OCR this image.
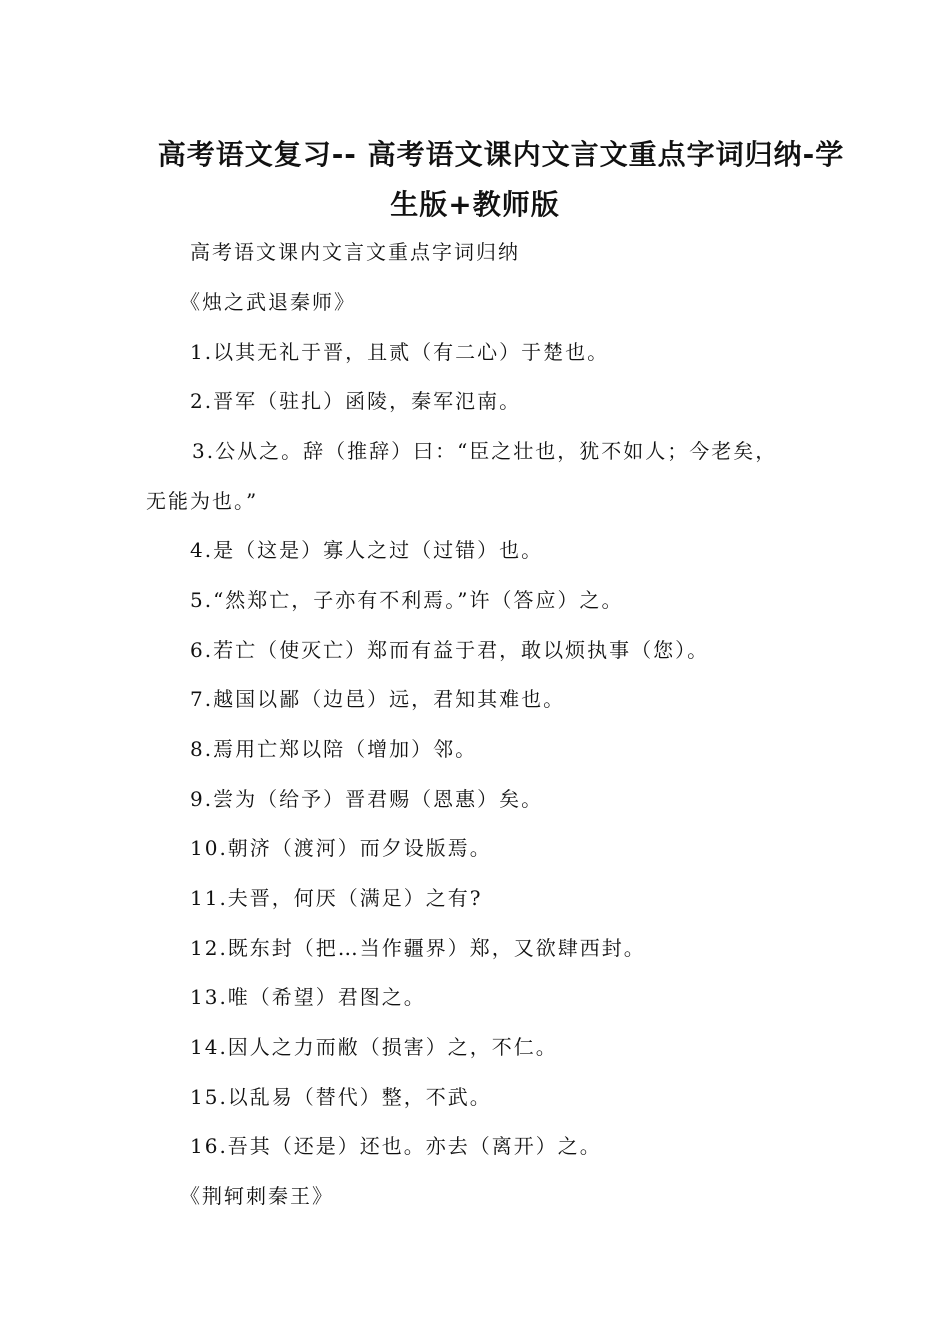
高考语文复习-- 高考语文课内文言文重点字词归纳-学
生版+教师版
高考语文课内文言文重点字词归纳
《烛之武退秦师》
1.以其无礼于晋，且贰（有二心）于楚也。
2.晋军（驻扎）函陵，秦军氾南。
3.公从之。辞（推辞）曰：“臣之壮也，犹不如人；今老矣，
无能为也。”
4.是（这是）寡人之过（过错）也。
5.“然郑亡，子亦有不利焉。”许（答应）之。
6.若亡（使灭亡）郑而有益于君，敢以烦执事（您）。
7.越国以鄙（边邑）远，君知其难也。
8.焉用亡郑以陪（增加）邻。
9.尝为（给予）晋君赐（恩惠）矣。
10.朝济（渡河）而夕设版焉。
11.夫晋，何厌（满足）之有?
12.既东封（把…当作疆界）郑，又欲肆西封。
13.唯（希望）君图之。
14.因人之力而敝（损害）之，不仁。
15.以乱易（替代）整，不武。
16.吾其（还是）还也。亦去（离开）之。
《荆轲刺秦王》
